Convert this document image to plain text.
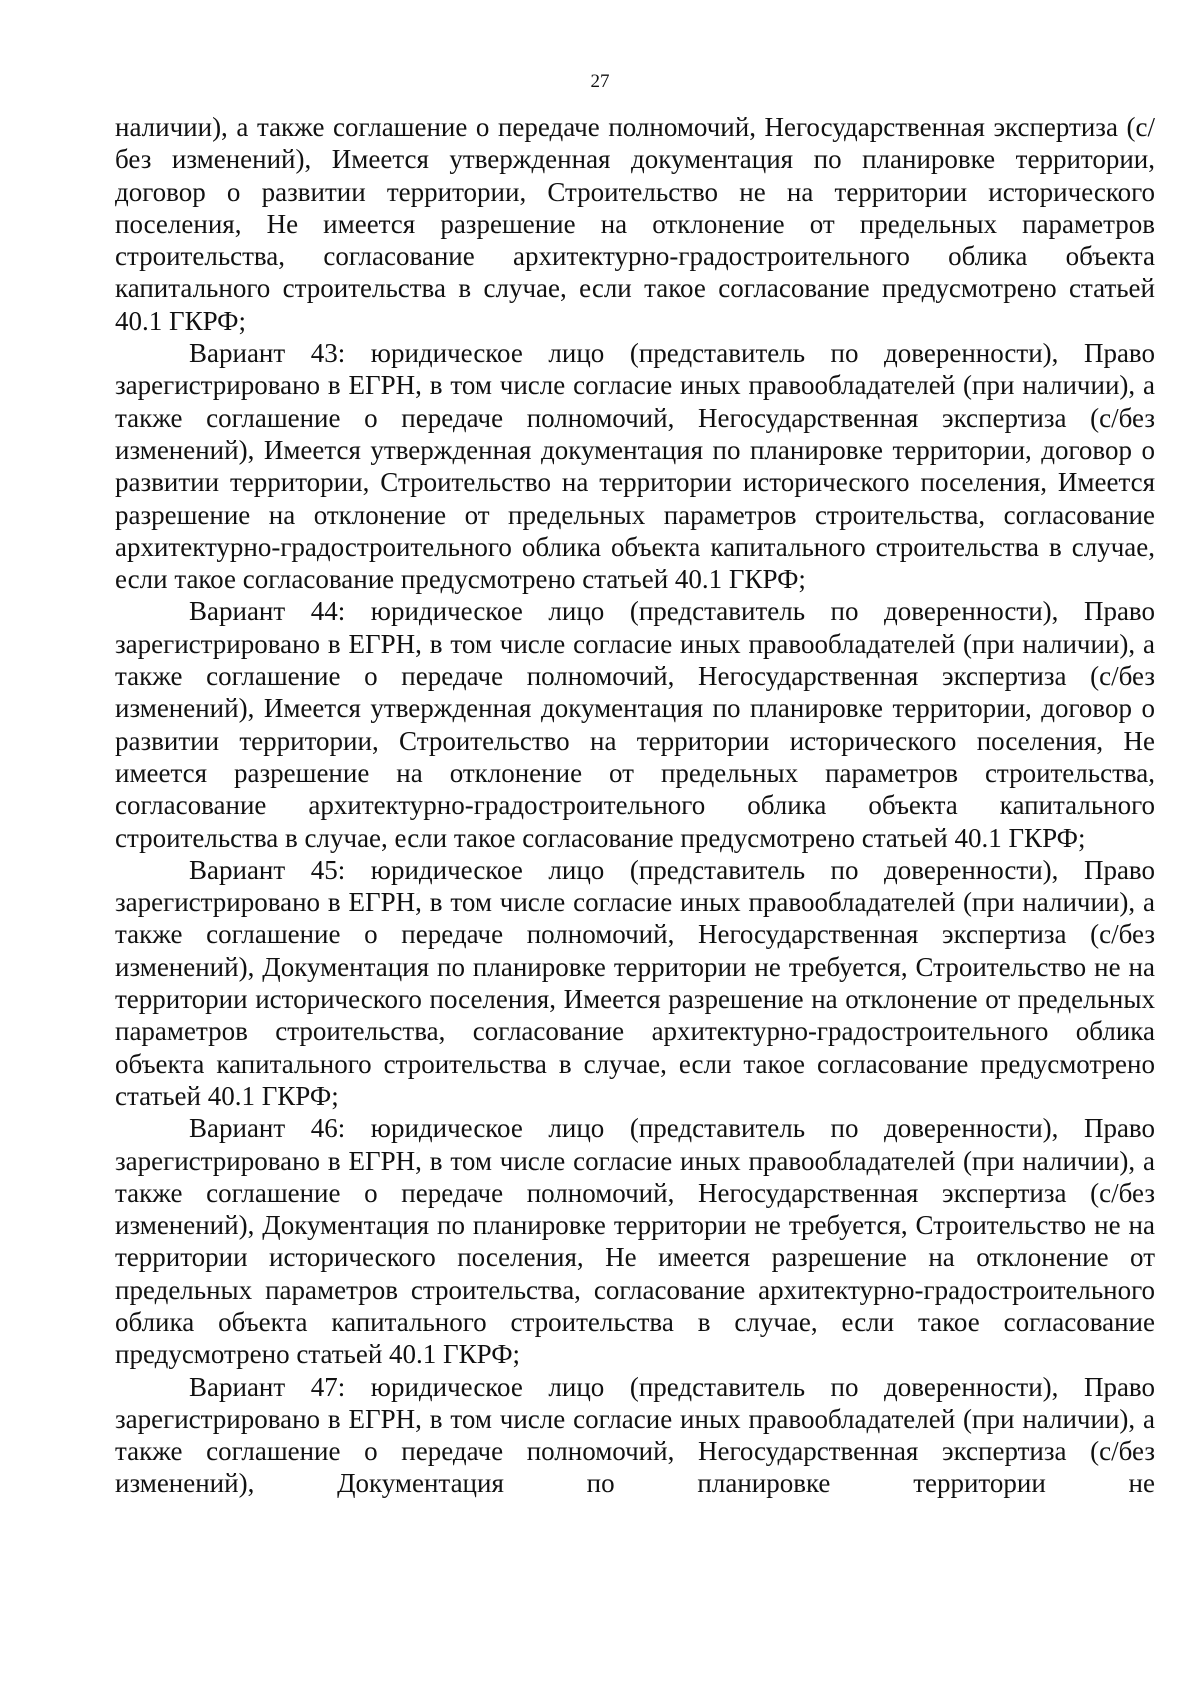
27

наличии), а также соглашение о передаче полномочий, Негосударственная экспертиза (с/без изменений), Имеется утвержденная документация по планировке территории, договор о развитии территории, Строительство не на территории исторического поселения, Не имеется разрешение на отклонение от предельных параметров строительства, согласование архитектурно-градостроительного облика объекта капитального строительства в случае, если такое согласование предусмотрено статьей 40.1 ГКРФ;

Вариант 43: юридическое лицо (представитель по доверенности), Право зарегистрировано в ЕГРН, в том числе согласие иных правообладателей (при наличии), а также соглашение о передаче полномочий, Негосударственная экспертиза (с/без изменений), Имеется утвержденная документация по планировке территории, договор о развитии территории, Строительство на территории исторического поселения, Имеется разрешение на отклонение от предельных параметров строительства, согласование архитектурно-градостроительного облика объекта капитального строительства в случае, если такое согласование предусмотрено статьей 40.1 ГКРФ;

Вариант 44: юридическое лицо (представитель по доверенности), Право зарегистрировано в ЕГРН, в том числе согласие иных правообладателей (при наличии), а также соглашение о передаче полномочий, Негосударственная экспертиза (с/без изменений), Имеется утвержденная документация по планировке территории, договор о развитии территории, Строительство на территории исторического поселения, Не имеется разрешение на отклонение от предельных параметров строительства, согласование архитектурно-градостроительного облика объекта капитального строительства в случае, если такое согласование предусмотрено статьей 40.1 ГКРФ;

Вариант 45: юридическое лицо (представитель по доверенности), Право зарегистрировано в ЕГРН, в том числе согласие иных правообладателей (при наличии), а также соглашение о передаче полномочий, Негосударственная экспертиза (с/без изменений), Документация по планировке территории не требуется, Строительство не на территории исторического поселения, Имеется разрешение на отклонение от предельных параметров строительства, согласование архитектурно-градостроительного облика объекта капитального строительства в случае, если такое согласование предусмотрено статьей 40.1 ГКРФ;

Вариант 46: юридическое лицо (представитель по доверенности), Право зарегистрировано в ЕГРН, в том числе согласие иных правообладателей (при наличии), а также соглашение о передаче полномочий, Негосударственная экспертиза (с/без изменений), Документация по планировке территории не требуется, Строительство не на территории исторического поселения, Не имеется разрешение на отклонение от предельных параметров строительства, согласование архитектурно-градостроительного облика объекта капитального строительства в случае, если такое согласование предусмотрено статьей 40.1 ГКРФ;

Вариант 47: юридическое лицо (представитель по доверенности), Право зарегистрировано в ЕГРН, в том числе согласие иных правообладателей (при наличии), а также соглашение о передаче полномочий, Негосударственная экспертиза (с/без изменений), Документация по планировке территории не
